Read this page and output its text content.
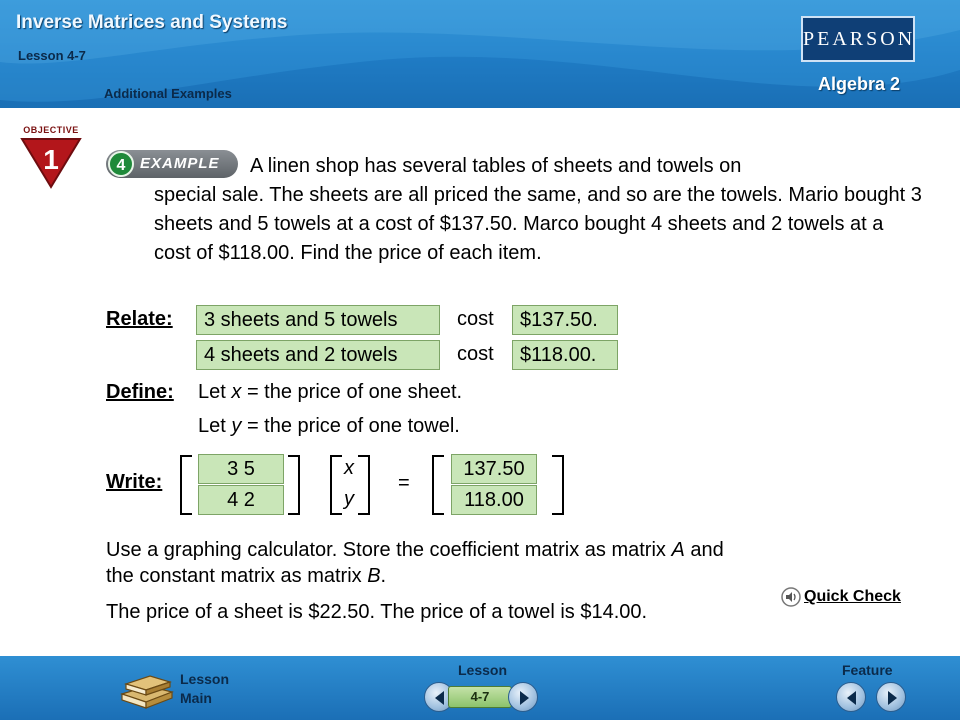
Inverse Matrices and Systems
Lesson 4-7
Additional Examples
PEARSON
Algebra 2
OBJECTIVE
1	4 EXAMPLE	A linen shop has several tables of sheets and towels on
special sale. The sheets are all priced the same, and so are the towels. Mario bought 3 sheets and 5 towels at a cost of $137.50. Marco bought 4 sheets and 2 towels at a cost of $118.00. Find the price of each item.
Relate:	3 sheets and 5 towels	cost	$137.50.
4 sheets and 2 towels	cost	$118.00.
Define: Let x = the price of one sheet.
Let y = the price of one towel.
Write:
3 5
4 2
x
y
=
137.50
118.00
Use a graphing calculator. Store the coefficient matrix as matrix A and
the constant matrix as matrix B.
The price of a sheet is $22.50. The price of a towel is $14.00.
Quick Check
Lesson
Main
Lesson
4-7
Feature
